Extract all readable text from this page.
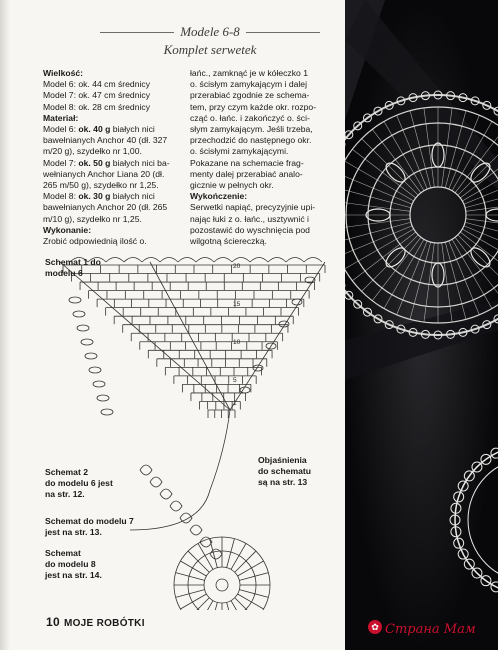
Modele 6-8
Komplet serwetek
Wielkość:
Model 6: ok. 44 cm średnicy
Model 7: ok. 47 cm średnicy
Model 8: ok. 28 cm średnicy
Materiał:
Model 6: ok. 40 g białych nici
bawełnianych Anchor 40 (dł. 327
m/20 g), szydełko nr 1,00.
Model 7: ok. 50 g białych nici ba-
wełnianych Anchor Liana 20 (dł.
265 m/50 g), szydełko nr 1,25.
Model 8: ok. 30 g białych nici
bawełnianych Anchor 20 (dł. 265
m/10 g), szydełko nr 1,25.
Wykonanie:
Zrobić odpowiednią ilość o.
łańc., zamknąć je w kółeczko 1
o. ścisłym zamykającym i dalej
przerabiać zgodnie ze schema-
tem, przy czym każde okr. rozpo-
cząć o. łańc. i zakończyć o. ści-
słym zamykającym. Jeśli trzeba,
przechodzić do następnego okr.
o. ścisłymi zamykającymi.
Pokazane na schemacie frag-
menty dalej przerabiać analo-
gicznie w pełnych okr.
Wykończenie:
Serwetki napiąć, precyzyjnie upi-
nając łuki z o. łańc., usztywnić i
pozostawić do wyschnięcia pod
wilgotną ściereczką.
20
15
10
5
1
Schemat 1 do
modelu 6
Objaśnienia
do schematu
są na str. 13
Schemat 2
do modelu 6 jest
na str. 12.
Schemat do modelu 7
jest na str. 13.
Schemat
do modelu 8
jest na str. 14.
10 MOJE ROBÓTKI	✿ Страна Мам
